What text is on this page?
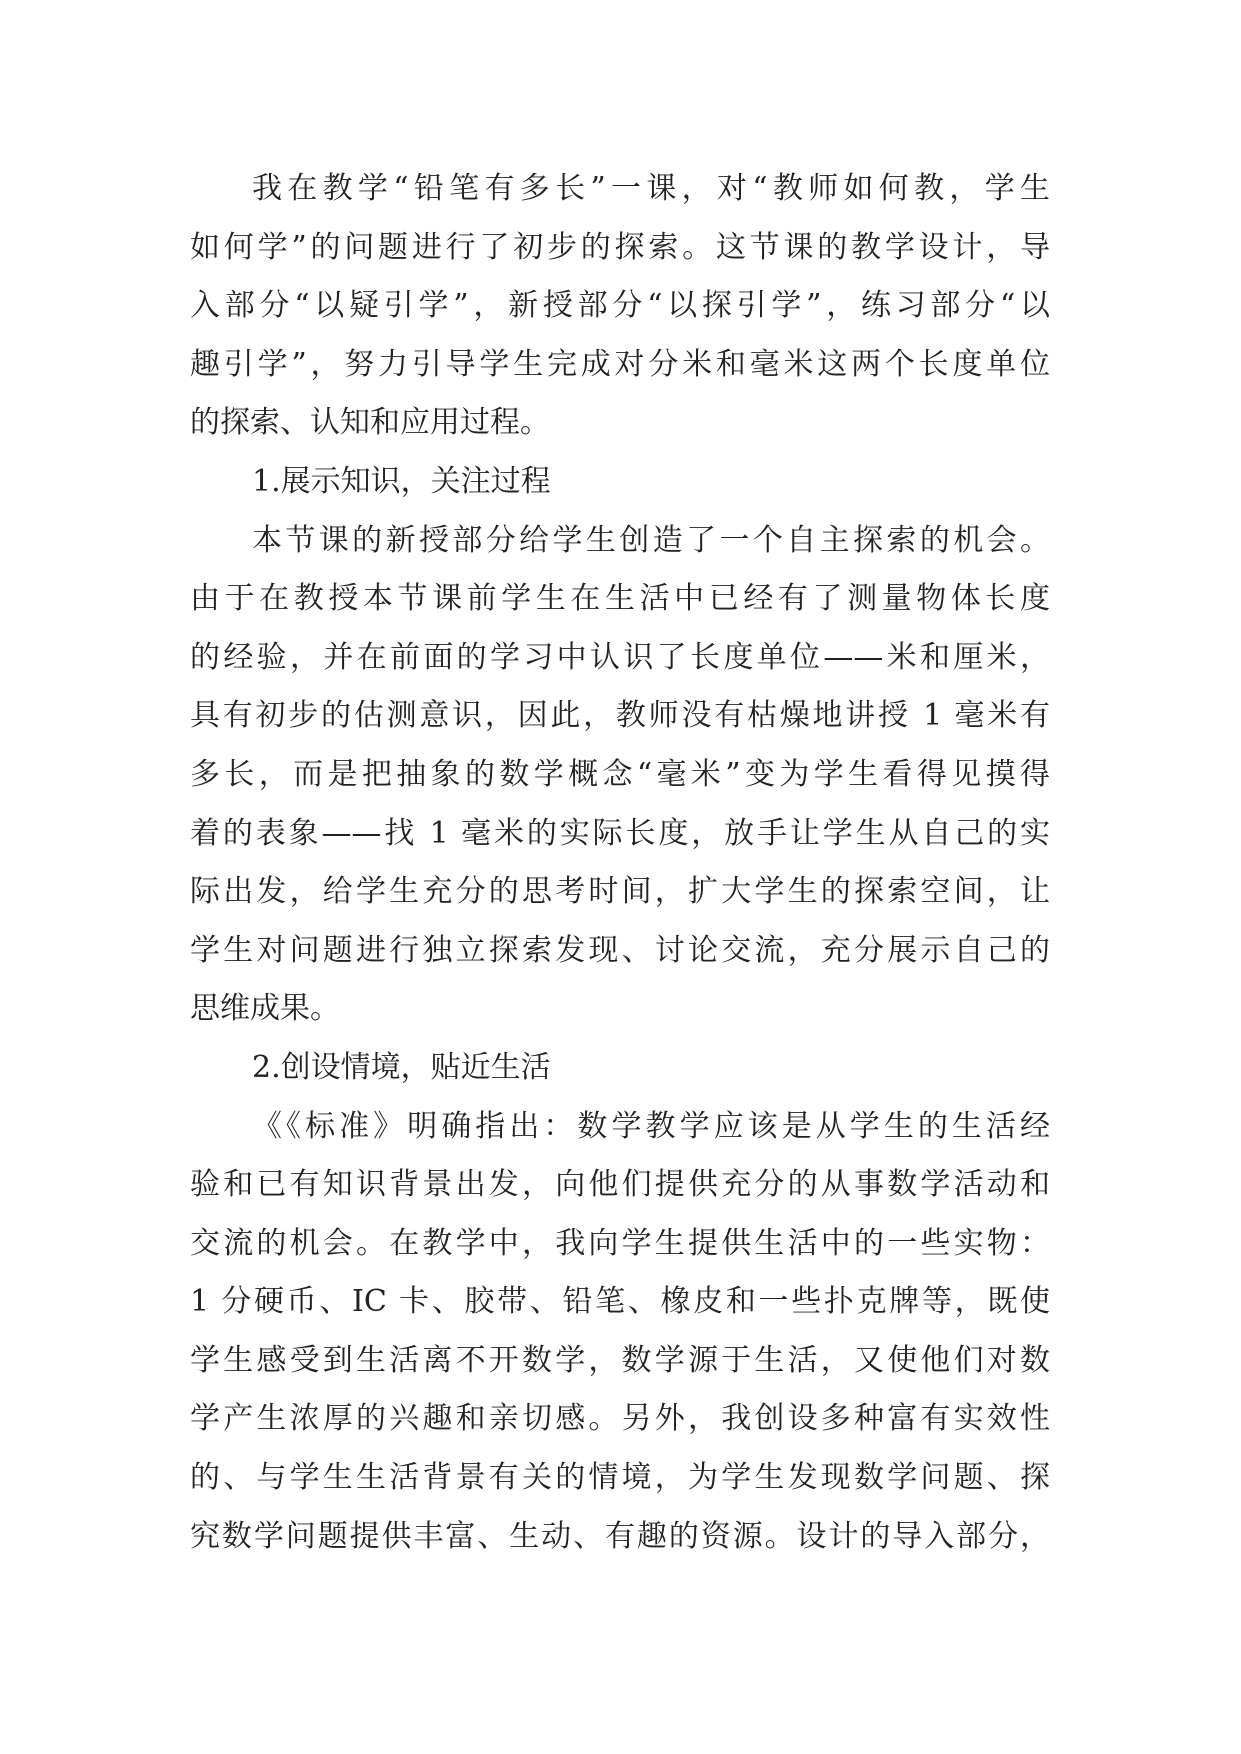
我在教学“铅笔有多长”一课，对“教师如何教，学生
如何学”的问题进行了初步的探索。这节课的教学设计，导
入部分“以疑引学”，新授部分“以探引学”，练习部分“以
趣引学”，努力引导学生完成对分米和毫米这两个长度单位
的探索、认知和应用过程。
1.展示知识，关注过程
本节课的新授部分给学生创造了一个自主探索的机会。
由于在教授本节课前学生在生活中已经有了测量物体长度
的经验，并在前面的学习中认识了长度单位——米和厘米，
具有初步的估测意识，因此，教师没有枯燥地讲授 1 毫米有
多长，而是把抽象的数学概念“毫米”变为学生看得见摸得
着的表象——找 1 毫米的实际长度，放手让学生从自己的实
际出发，给学生充分的思考时间，扩大学生的探索空间，让
学生对问题进行独立探索发现、讨论交流，充分展示自己的
思维成果。
2.创设情境，贴近生活
《《标准》明确指出：数学教学应该是从学生的生活经
验和已有知识背景出发，向他们提供充分的从事数学活动和
交流的机会。在教学中，我向学生提供生活中的一些实物：
1 分硬币、IC 卡、胶带、铅笔、橡皮和一些扑克牌等，既使
学生感受到生活离不开数学，数学源于生活，又使他们对数
学产生浓厚的兴趣和亲切感。另外，我创设多种富有实效性
的、与学生生活背景有关的情境，为学生发现数学问题、探
究数学问题提供丰富、生动、有趣的资源。设计的导入部分，
